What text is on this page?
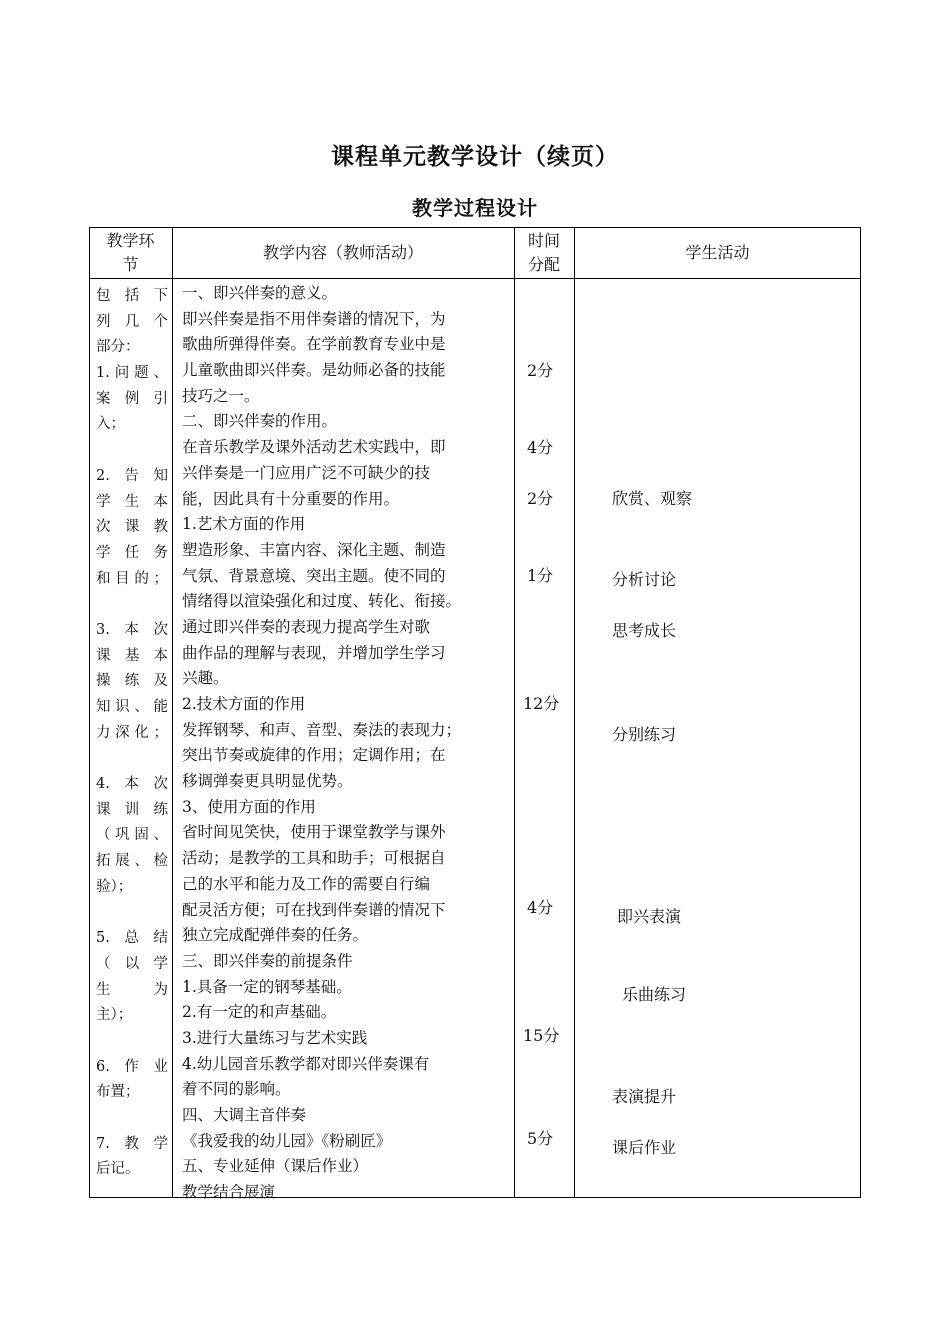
课程单元教学设计（续页）
教学过程设计
教学环
节
教学内容（教师活动）
时间
分配
学生活动
包括下
列几个
部分：
1.问题、
案例引
入；
2.告知
学生本
次课教
学任务
和目的；
3.本次
课基本
操练及
知识、能
力深化；
4.本次
课训练
（巩固、
拓展、检
验）；
5.总结
（以学
生　为
主）；
6.作业
布置；
7.教学
后记。
一、即兴伴奏的意义。
即兴伴奏是指不用伴奏谱的情况下，为
歌曲所弹得伴奏。在学前教育专业中是
儿童歌曲即兴伴奏。是幼师必备的技能
技巧之一。
二、即兴伴奏的作用。
在音乐教学及课外活动艺术实践中，即
兴伴奏是一门应用广泛不可缺少的技
能，因此具有十分重要的作用。
1.艺术方面的作用
塑造形象、丰富内容、深化主题、制造
气氛、背景意境、突出主题。使不同的
情绪得以渲染强化和过度、转化、衔接。
通过即兴伴奏的表现力提高学生对歌
曲作品的理解与表现，并增加学生学习
兴趣。
2.技术方面的作用
发挥钢琴、和声、音型、奏法的表现力；
突出节奏或旋律的作用；定调作用；在
移调弹奏更具明显优势。
3、使用方面的作用
省时间见笑快，使用于课堂教学与课外
活动；是教学的工具和助手；可根据自
己的水平和能力及工作的需要自行编
配灵活方便；可在找到伴奏谱的情况下
独立完成配弹伴奏的任务。
三、即兴伴奏的前提条件
1.具备一定的钢琴基础。
2.有一定的和声基础。
3.进行大量练习与艺术实践
4.幼儿园音乐教学都对即兴伴奏课有
着不同的影响。
四、大调主音伴奏
《我爱我的幼儿园》《粉刷匠》
五、专业延伸（课后作业）
教学结合展演
2分
4分
2分
1分
12分
4分
15分
5分
欣赏、观察
分析讨论
思考成长
分别练习
即兴表演
乐曲练习
表演提升
课后作业
